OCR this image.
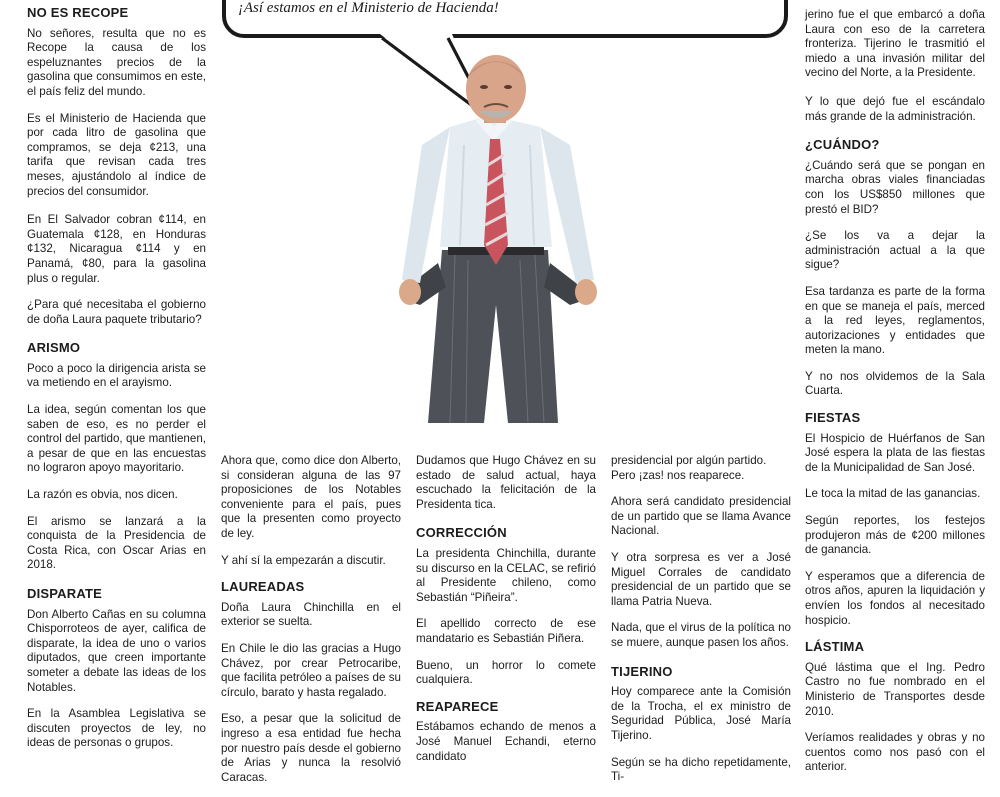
¡Así estamos en el Ministerio de Hacienda!
NO ES RECOPE

No señores, resulta que no es Recope la causa de los espeluznantes precios de la gasolina que consumimos en este, el país feliz del mundo.

Es el Ministerio de Hacienda que por cada litro de gasolina que compramos, se deja ¢213, una tarifa que revisan cada tres meses, ajustándolo al índice de precios del consumidor.

En El Salvador cobran ¢114, en Guatemala ¢128, en Honduras ¢132, Nicaragua ¢114 y en Panamá, ¢80, para la gasolina plus o regular.

¿Para qué necesitaba el gobierno de doña Laura paquete tributario?

ARISMO

Poco a poco la dirigencia arista se va metiendo en el arayismo.

La idea, según comentan los que saben de eso, es no perder el control del partido, que mantienen, a pesar de que en las encuestas no lograron apoyo mayoritario.

La razón es obvia, nos dicen.

El arismo se lanzará a la conquista de la Presidencia de Costa Rica, con Oscar Arias en 2018.

DISPARATE

Don Alberto Cañas en su columna Chisporroteos de ayer, califica de disparate, la idea de uno o varios diputados, que creen importante someter a debate las ideas de los Notables.

En la Asamblea Legislativa se discuten proyectos de ley, no ideas de personas o grupos.

Ahora que, como dice don Alberto, si consideran alguna de las 97 proposiciones de los Notables conveniente para el país, pues que la presenten como proyecto de ley.

Y ahí sí la empezarán a discutir.

LAUREADAS

Doña Laura Chinchilla en el exterior se suelta.

En Chile le dio las gracias a Hugo Chávez, por crear Petrocaribe, que facilita petróleo a países de su círculo, barato y hasta regalado.

Eso, a pesar que la solicitud de ingreso a esa entidad fue hecha por nuestro país desde el gobierno de Arias y nunca la resolvió Caracas.

Dudamos que Hugo Chávez en su estado de salud actual, haya escuchado la felicitación de la Presidenta tica.

CORRECCIÓN

La presidenta Chinchilla, durante su discurso en la CELAC, se refirió al Presidente chileno, como Sebastián “Piñeira”.

El apellido correcto de ese mandatario es Sebastián Piñera.

Bueno, un horror lo comete cualquiera.

REAPARECE

Estábamos echando de menos a José Manuel Echandi, eterno candidato

presidencial por algún partido.

Pero ¡zas! nos reaparece.

Ahora será candidato presidencial de un partido que se llama Avance Nacional.

Y otra sorpresa es ver a José Miguel Corrales de candidato presidencial de un partido que se llama Patria Nueva.

Nada, que el virus de la política no se muere, aunque pasen los años.

TIJERINO

Hoy comparece ante la Comisión de la Trocha, el ex ministro de Seguridad Pública, José María Tijerino.

Según se ha dicho repetidamente, Ti-

jerino fue el que embarcó a doña Laura con eso de la carretera fronteriza. Tijerino le trasmitió el miedo a una invasión militar del vecino del Norte, a la Presidente.

Y lo que dejó fue el escándalo más grande de la administración.

¿CUÁNDO?

¿Cuándo será que se pongan en marcha obras viales financiadas con los US$850 millones que prestó el BID?

¿Se los va a dejar la administración actual a la que sigue?

Esa tardanza es parte de la forma en que se maneja el país, merced a la red leyes, reglamentos, autorizaciones y entidades que meten la mano.

Y no nos olvidemos de la Sala Cuarta.

FIESTAS

El Hospicio de Huérfanos de San José espera la plata de las fiestas de la Municipalidad de San José.

Le toca la mitad de las ganancias.

Según reportes, los festejos produjeron más de ¢200 millones de ganancia.

Y esperamos que a diferencia de otros años, apuren la liquidación y envíen los fondos al necesitado hospicio.

LÁSTIMA

Qué lástima que el Ing. Pedro Castro no fue nombrado en el Ministerio de Transportes desde 2010.

Veríamos realidades y obras y no cuentos como nos pasó con el anterior.
